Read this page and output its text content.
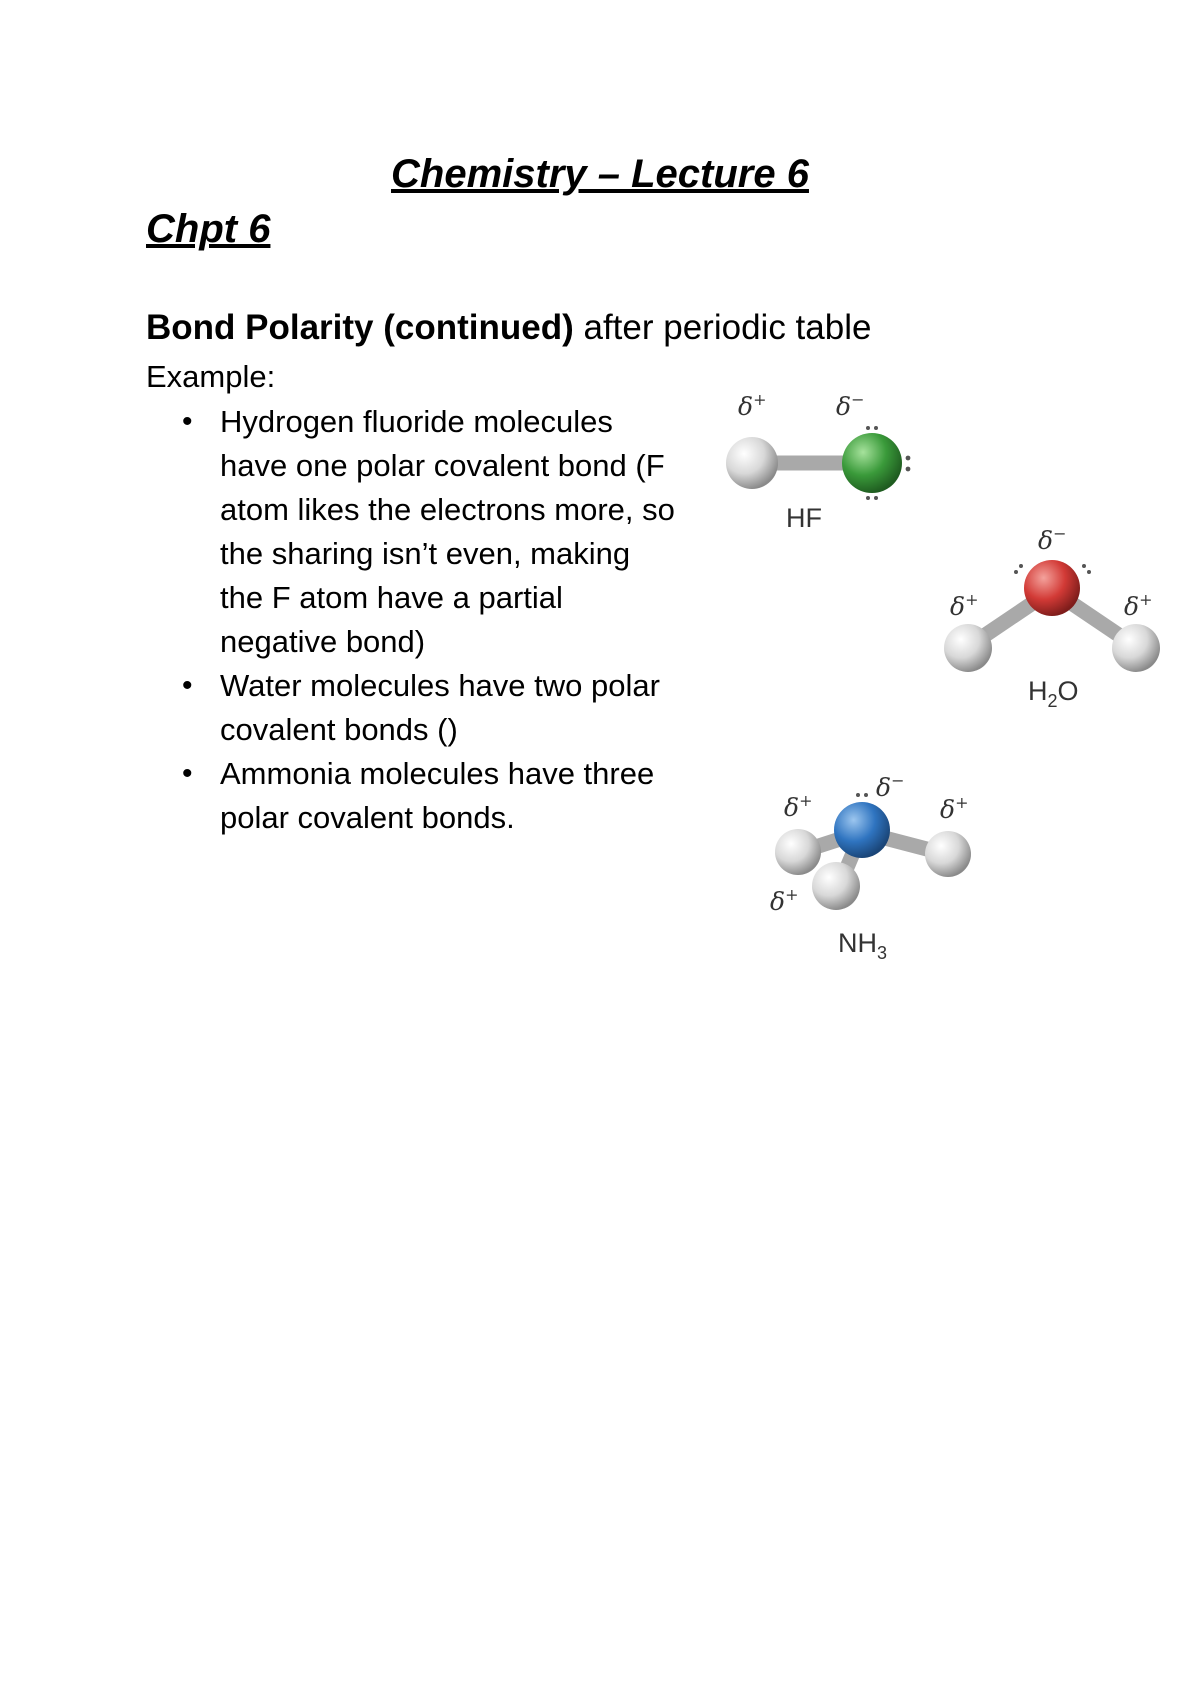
Chemistry – Lecture 6
Chpt 6
Bond Polarity (continued) after periodic table
Example:
• Hydrogen fluoride molecules have one polar covalent bond (F atom likes the electrons more, so the sharing isn’t even, making the F atom have a partial negative bond)
• Water molecules have two polar covalent bonds ()
• Ammonia molecules have three polar covalent bonds.
δ+	δ−
HF
δ−
δ+	δ+
$H_2O$
δ−
δ+	δ+
δ+
$NH_3$
